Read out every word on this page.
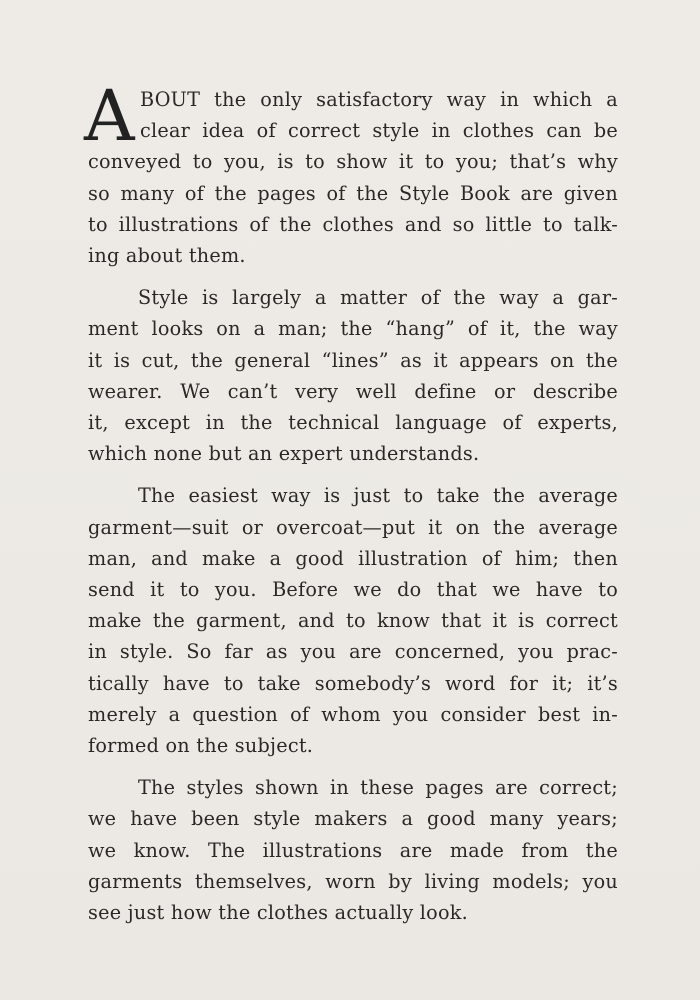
A BOUT the only satisfactory way in which a
clear idea of correct style in clothes can be
conveyed to you, is to show it to you; that’s why
so many of the pages of the Style Book are given
to illustrations of the clothes and so little to talk-
ing about them.
Style is largely a matter of the way a gar-
ment looks on a man; the “hang” of it, the way
it is cut, the general “lines” as it appears on the
wearer. We can’t very well define or describe
it, except in the technical language of experts,
which none but an expert understands.
The easiest way is just to take the average
garment—suit or overcoat—put it on the average
man, and make a good illustration of him; then
send it to you. Before we do that we have to
make the garment, and to know that it is correct
in style. So far as you are concerned, you prac-
tically have to take somebody’s word for it; it’s
merely a question of whom you consider best in-
formed on the subject.
The styles shown in these pages are correct;
we have been style makers a good many years;
we know. The illustrations are made from the
garments themselves, worn by living models; you
see just how the clothes actually look.
